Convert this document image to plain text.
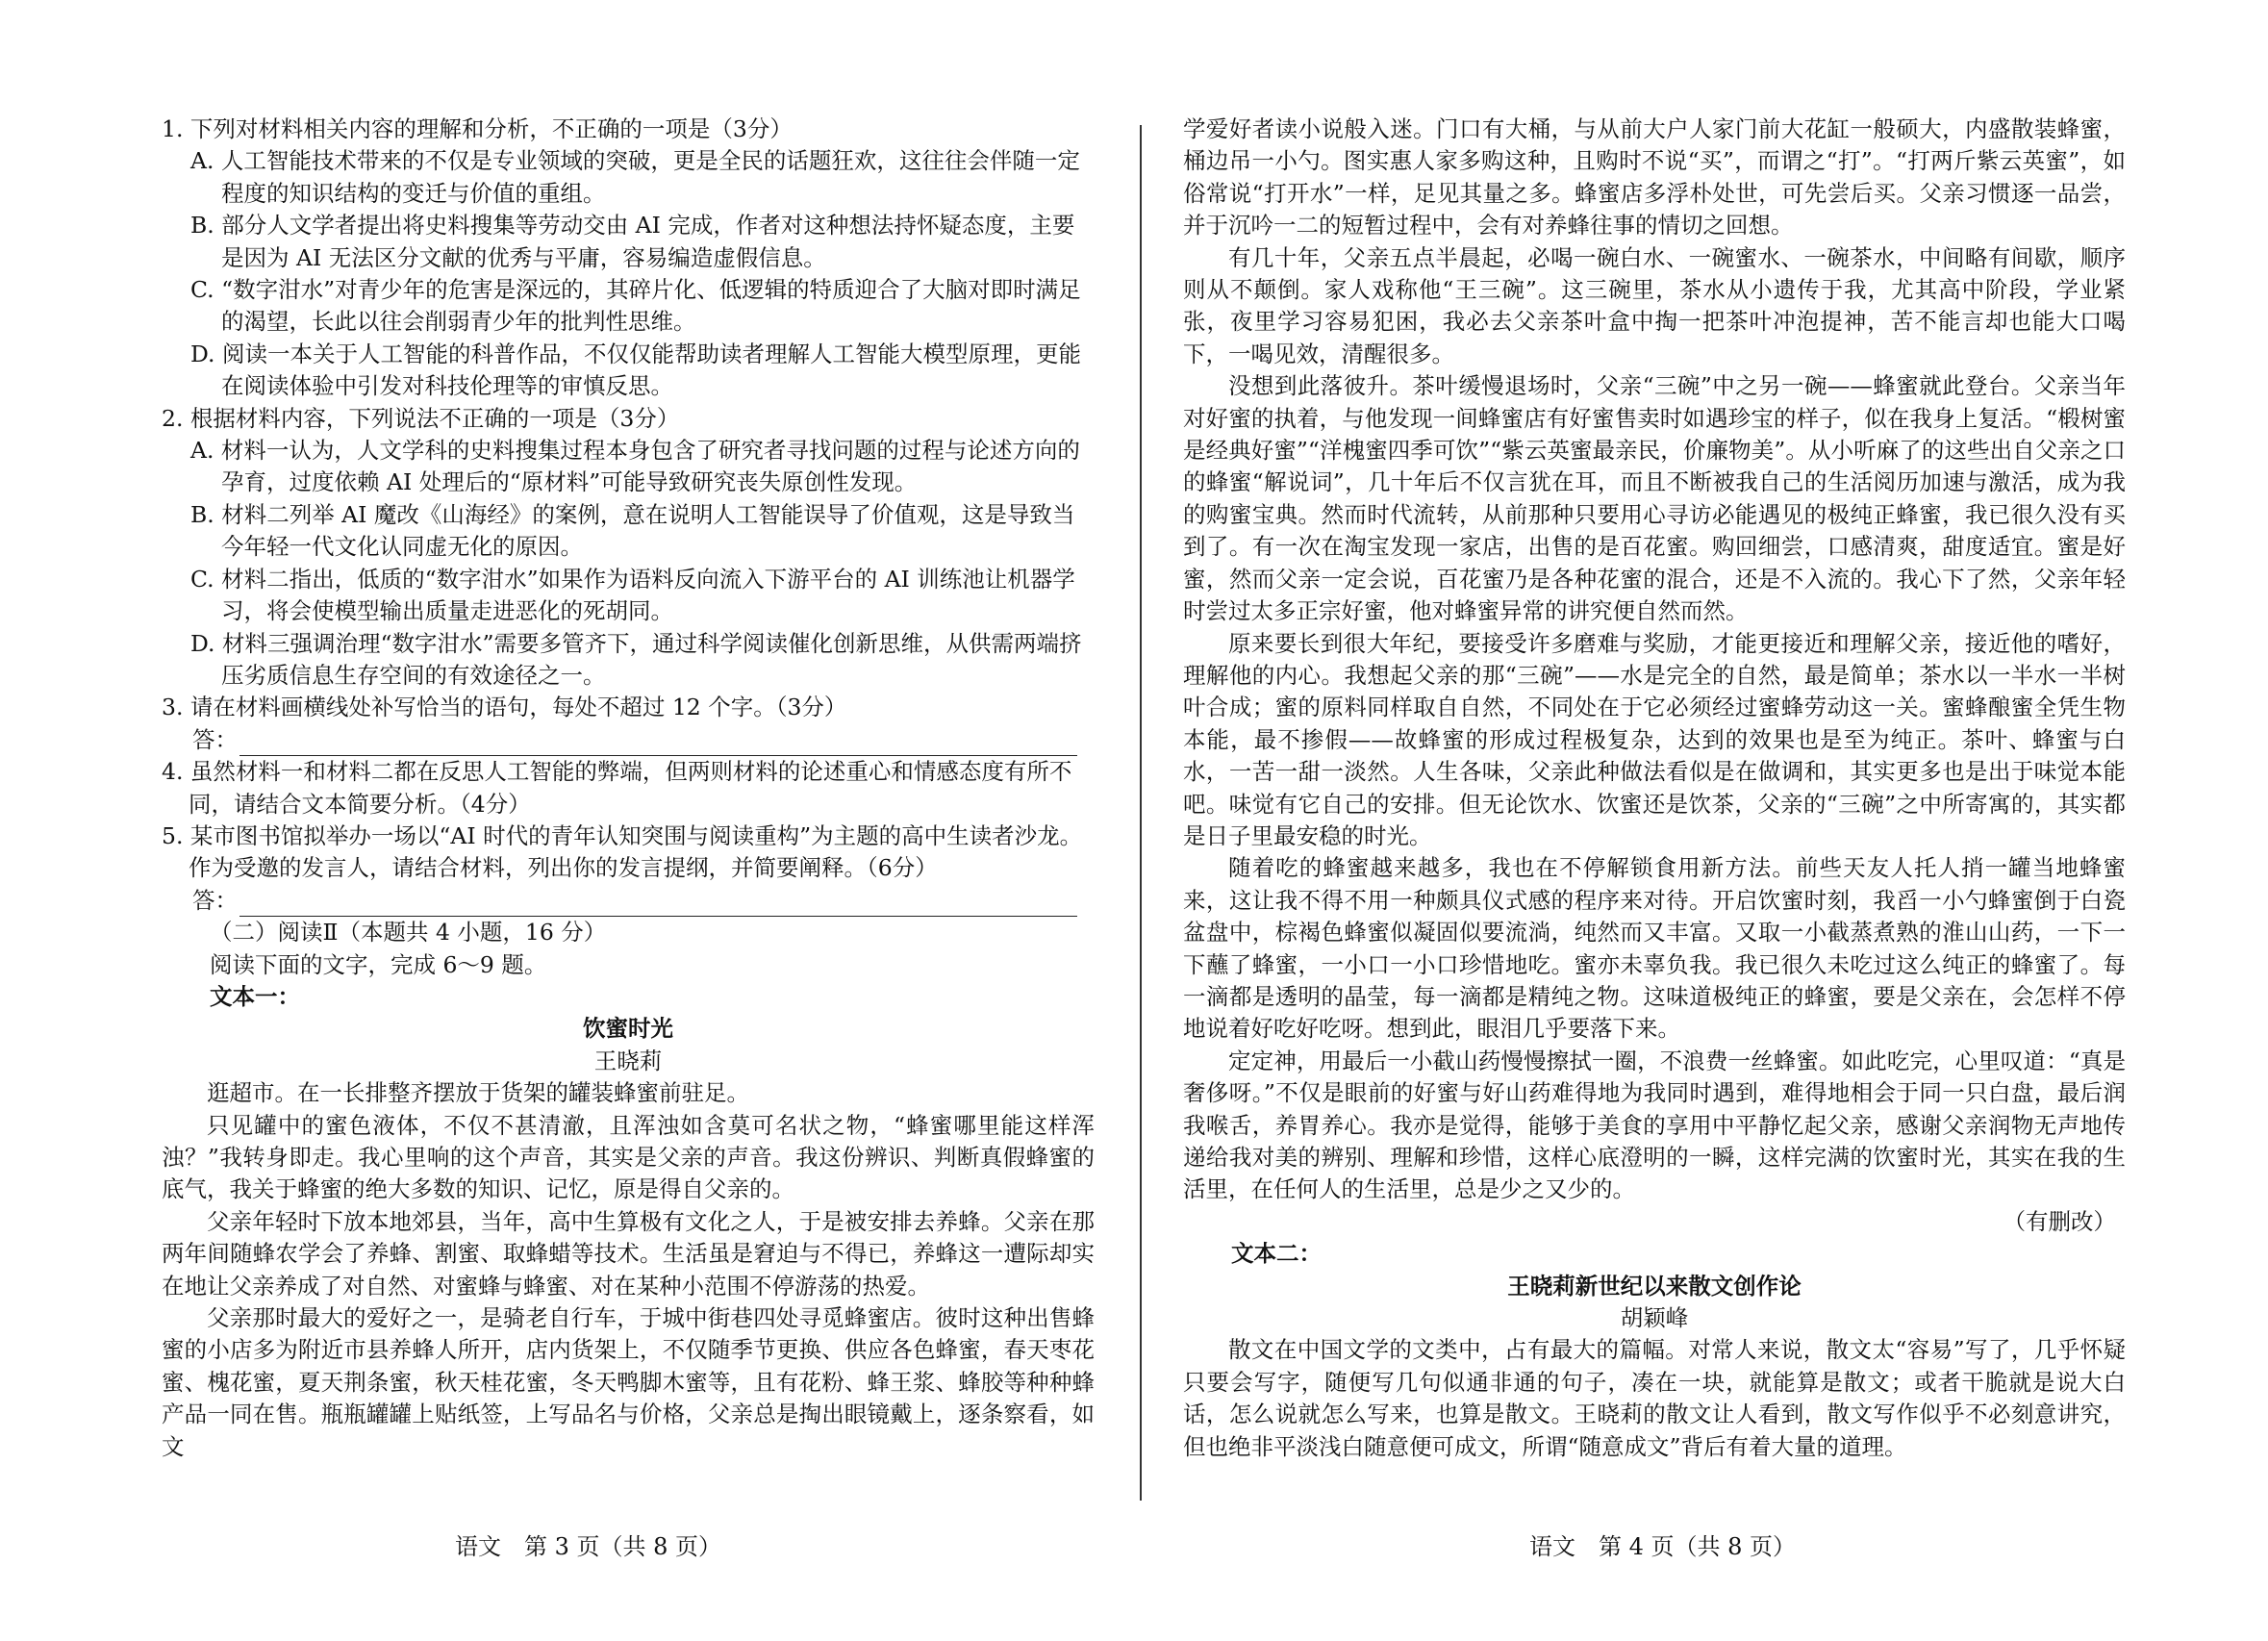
1. 下列对材料相关内容的理解和分析，不正确的一项是（3分）

A. 人工智能技术带来的不仅是专业领域的突破，更是全民的话题狂欢，这往往会伴随一定程度的知识结构的变迁与价值的重组。

B. 部分人文学者提出将史料搜集等劳动交由 AI 完成，作者对这种想法持怀疑态度，主要是因为 AI 无法区分文献的优秀与平庸，容易编造虚假信息。

C. “数字泔水”对青少年的危害是深远的，其碎片化、低逻辑的特质迎合了大脑对即时满足的渴望，长此以往会削弱青少年的批判性思维。

D. 阅读一本关于人工智能的科普作品，不仅仅能帮助读者理解人工智能大模型原理，更能在阅读体验中引发对科技伦理等的审慎反思。

2. 根据材料内容，下列说法不正确的一项是（3分）

A. 材料一认为，人文学科的史料搜集过程本身包含了研究者寻找问题的过程与论述方向的孕育，过度依赖 AI 处理后的“原材料”可能导致研究丧失原创性发现。

B. 材料二列举 AI 魔改《山海经》的案例，意在说明人工智能误导了价值观，这是导致当今年轻一代文化认同虚无化的原因。

C. 材料二指出，低质的“数字泔水”如果作为语料反向流入下游平台的 AI 训练池让机器学习，将会使模型输出质量走进恶化的死胡同。

D. 材料三强调治理“数字泔水”需要多管齐下，通过科学阅读催化创新思维，从供需两端挤压劣质信息生存空间的有效途径之一。

3. 请在材料画横线处补写恰当的语句，每处不超过 12 个字。（3分）

答：

4. 虽然材料一和材料二都在反思人工智能的弊端，但两则材料的论述重心和情感态度有所不同，请结合文本简要分析。（4分）

5. 某市图书馆拟举办一场以“AI 时代的青年认知突围与阅读重构”为主题的高中生读者沙龙。作为受邀的发言人，请结合材料，列出你的发言提纲，并简要阐释。（6分）

答：

（二）阅读Ⅱ（本题共 4 小题，16 分）

阅读下面的文字，完成 6～9 题。

文本一：

饮蜜时光

王晓莉

逛超市。在一长排整齐摆放于货架的罐装蜂蜜前驻足。

只见罐中的蜜色液体，不仅不甚清澈，且浑浊如含莫可名状之物，“蜂蜜哪里能这样浑浊？”我转身即走。我心里响的这个声音，其实是父亲的声音。我这份辨识、判断真假蜂蜜的底气，我关于蜂蜜的绝大多数的知识、记忆，原是得自父亲的。

父亲年轻时下放本地郊县，当年，高中生算极有文化之人，于是被安排去养蜂。父亲在那两年间随蜂农学会了养蜂、割蜜、取蜂蜡等技术。生活虽是窘迫与不得已，养蜂这一遭际却实在地让父亲养成了对自然、对蜜蜂与蜂蜜、对在某种小范围不停游荡的热爱。

父亲那时最大的爱好之一，是骑老自行车，于城中街巷四处寻觅蜂蜜店。彼时这种出售蜂蜜的小店多为附近市县养蜂人所开，店内货架上，不仅随季节更换、供应各色蜂蜜，春天枣花蜜、槐花蜜，夏天荆条蜜，秋天桂花蜜，冬天鸭脚木蜜等，且有花粉、蜂王浆、蜂胶等种种蜂产品一同在售。瓶瓶罐罐上贴纸签，上写品名与价格，父亲总是掏出眼镜戴上，逐条察看，如文

语文　第 3 页（共 8 页）

学爱好者读小说般入迷。门口有大桶，与从前大户人家门前大花缸一般硕大，内盛散装蜂蜜，桶边吊一小勺。图实惠人家多购这种，且购时不说“买”，而谓之“打”。“打两斤紫云英蜜”，如俗常说“打开水”一样，足见其量之多。蜂蜜店多浮朴处世，可先尝后买。父亲习惯逐一品尝，并于沉吟一二的短暂过程中，会有对养蜂往事的情切之回想。

有几十年，父亲五点半晨起，必喝一碗白水、一碗蜜水、一碗茶水，中间略有间歇，顺序则从不颠倒。家人戏称他“王三碗”。这三碗里，茶水从小遗传于我，尤其高中阶段，学业紧张，夜里学习容易犯困，我必去父亲茶叶盒中掏一把茶叶冲泡提神，苦不能言却也能大口喝下，一喝见效，清醒很多。

没想到此落彼升。茶叶缓慢退场时，父亲“三碗”中之另一碗——蜂蜜就此登台。父亲当年对好蜜的执着，与他发现一间蜂蜜店有好蜜售卖时如遇珍宝的样子，似在我身上复活。“椴树蜜是经典好蜜”“洋槐蜜四季可饮”“紫云英蜜最亲民，价廉物美”。从小听麻了的这些出自父亲之口的蜂蜜“解说词”，几十年后不仅言犹在耳，而且不断被我自己的生活阅历加速与激活，成为我的购蜜宝典。然而时代流转，从前那种只要用心寻访必能遇见的极纯正蜂蜜，我已很久没有买到了。有一次在淘宝发现一家店，出售的是百花蜜。购回细尝，口感清爽，甜度适宜。蜜是好蜜，然而父亲一定会说，百花蜜乃是各种花蜜的混合，还是不入流的。我心下了然，父亲年轻时尝过太多正宗好蜜，他对蜂蜜异常的讲究便自然而然。

原来要长到很大年纪，要接受许多磨难与奖励，才能更接近和理解父亲，接近他的嗜好，理解他的内心。我想起父亲的那“三碗”——水是完全的自然，最是简单；茶水以一半水一半树叶合成；蜜的原料同样取自自然，不同处在于它必须经过蜜蜂劳动这一关。蜜蜂酿蜜全凭生物本能，最不掺假——故蜂蜜的形成过程极复杂，达到的效果也是至为纯正。茶叶、蜂蜜与白水，一苦一甜一淡然。人生各味，父亲此种做法看似是在做调和，其实更多也是出于味觉本能吧。味觉有它自己的安排。但无论饮水、饮蜜还是饮茶，父亲的“三碗”之中所寄寓的，其实都是日子里最安稳的时光。

随着吃的蜂蜜越来越多，我也在不停解锁食用新方法。前些天友人托人捎一罐当地蜂蜜来，这让我不得不用一种颇具仪式感的程序来对待。开启饮蜜时刻，我舀一小勺蜂蜜倒于白瓷盆盘中，棕褐色蜂蜜似凝固似要流淌，纯然而又丰富。又取一小截蒸煮熟的淮山山药，一下一下蘸了蜂蜜，一小口一小口珍惜地吃。蜜亦未辜负我。我已很久未吃过这么纯正的蜂蜜了。每一滴都是透明的晶莹，每一滴都是精纯之物。这味道极纯正的蜂蜜，要是父亲在，会怎样不停地说着好吃好吃呀。想到此，眼泪几乎要落下来。

定定神，用最后一小截山药慢慢擦拭一圈，不浪费一丝蜂蜜。如此吃完，心里叹道：“真是奢侈呀。”不仅是眼前的好蜜与好山药难得地为我同时遇到，难得地相会于同一只白盘，最后润我喉舌，养胃养心。我亦是觉得，能够于美食的享用中平静忆起父亲，感谢父亲润物无声地传递给我对美的辨别、理解和珍惜，这样心底澄明的一瞬，这样完满的饮蜜时光，其实在我的生活里，在任何人的生活里，总是少之又少的。

（有删改）

文本二：

王晓莉新世纪以来散文创作论

胡颖峰

散文在中国文学的文类中，占有最大的篇幅。对常人来说，散文太“容易”写了，几乎怀疑只要会写字，随便写几句似通非通的句子，凑在一块，就能算是散文；或者干脆就是说大白话，怎么说就怎么写来，也算是散文。王晓莉的散文让人看到，散文写作似乎不必刻意讲究，但也绝非平淡浅白随意便可成文，所谓“随意成文”背后有着大量的道理。

语文　第 4 页（共 8 页）
